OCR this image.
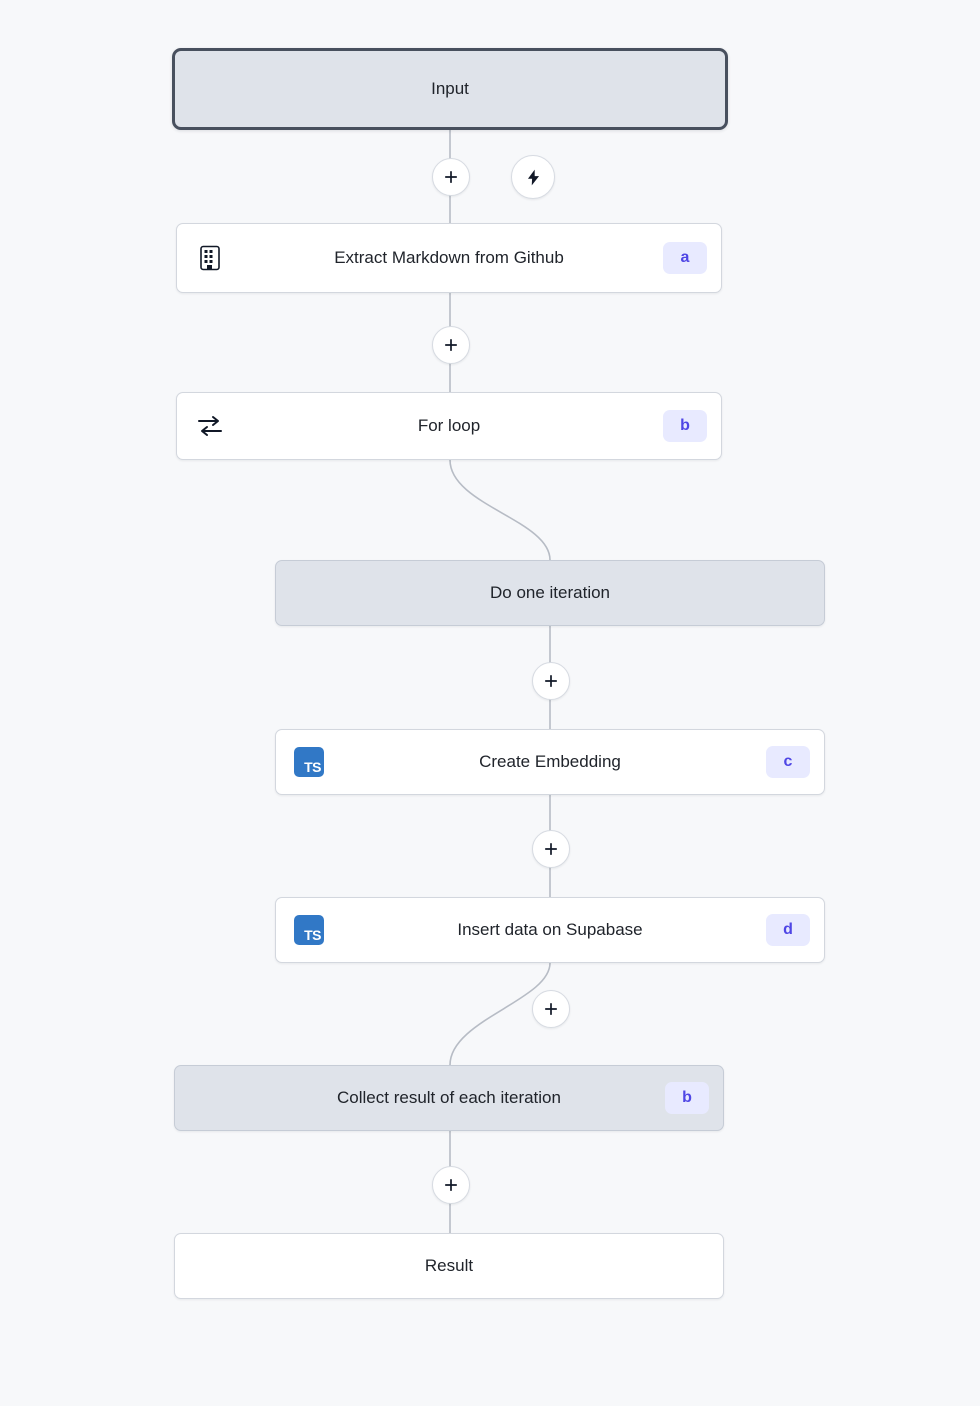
Input
Extract Markdown from Github	a
For loop	b
Do one iteration
TS	Create Embedding	c
TS	Insert data on Supabase	d
Collect result of each iteration	b
Result
